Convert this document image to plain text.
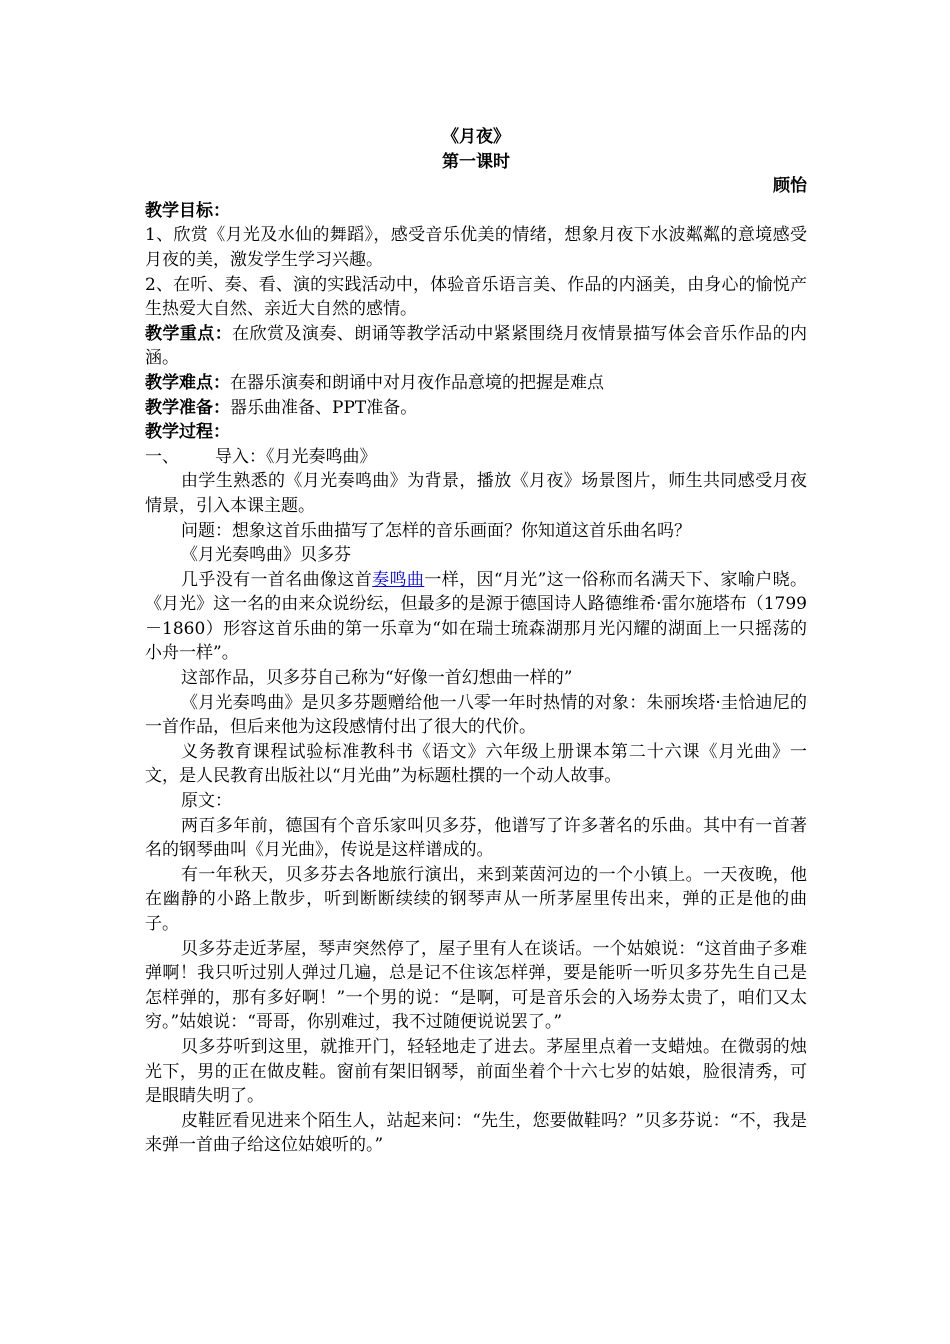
《月夜》

第一课时

顾怡

教学目标：

1、欣赏《月光及水仙的舞蹈》，感受音乐优美的情绪，想象月夜下水波粼粼的意境感受月夜的美，激发学生学习兴趣。

2、在听、奏、看、演的实践活动中，体验音乐语言美、作品的内涵美，由身心的愉悦产生热爱大自然、亲近大自然的感情。

教学重点：在欣赏及演奏、朗诵等教学活动中紧紧围绕月夜情景描写体会音乐作品的内涵。

教学难点：在器乐演奏和朗诵中对月夜作品意境的把握是难点

教学准备：器乐曲准备、PPT准备。

教学过程：

一、 导入：《月光奏鸣曲》

由学生熟悉的《月光奏鸣曲》为背景，播放《月夜》场景图片，师生共同感受月夜情景，引入本课主题。

问题：想象这首乐曲描写了怎样的音乐画面？你知道这首乐曲名吗？

《月光奏鸣曲》贝多芬

几乎没有一首名曲像这首奏鸣曲一样，因“月光”这一俗称而名满天下、家喻户晓。《月光》这一名的由来众说纷纭，但最多的是源于德国诗人路德维希·雷尔施塔布（1799－1860）形容这首乐曲的第一乐章为“如在瑞士琉森湖那月光闪耀的湖面上一只摇荡的小舟一样”。

这部作品，贝多芬自己称为“好像一首幻想曲一样的”

《月光奏鸣曲》是贝多芬题赠给他一八零一年时热情的对象：朱丽埃塔·圭恰迪尼的一首作品，但后来他为这段感情付出了很大的代价。

义务教育课程试验标准教科书《语文》六年级上册课本第二十六课《月光曲》一文，是人民教育出版社以“月光曲”为标题杜撰的一个动人故事。

原文：

两百多年前，德国有个音乐家叫贝多芬，他谱写了许多著名的乐曲。其中有一首著名的钢琴曲叫《月光曲》，传说是这样谱成的。

有一年秋天，贝多芬去各地旅行演出，来到莱茵河边的一个小镇上。一天夜晚，他在幽静的小路上散步，听到断断续续的钢琴声从一所茅屋里传出来，弹的正是他的曲子。

贝多芬走近茅屋，琴声突然停了，屋子里有人在谈话。一个姑娘说：“这首曲子多难弹啊！我只听过别人弹过几遍，总是记不住该怎样弹，要是能听一听贝多芬先生自己是怎样弹的，那有多好啊！”一个男的说：“是啊，可是音乐会的入场券太贵了，咱们又太穷。”姑娘说：“哥哥，你别难过，我不过随便说说罢了。”

贝多芬听到这里，就推开门，轻轻地走了进去。茅屋里点着一支蜡烛。在微弱的烛光下，男的正在做皮鞋。窗前有架旧钢琴，前面坐着个十六七岁的姑娘，脸很清秀，可是眼睛失明了。

皮鞋匠看见进来个陌生人，站起来问：“先生，您要做鞋吗？”贝多芬说：“不，我是来弹一首曲子给这位姑娘听的。”
